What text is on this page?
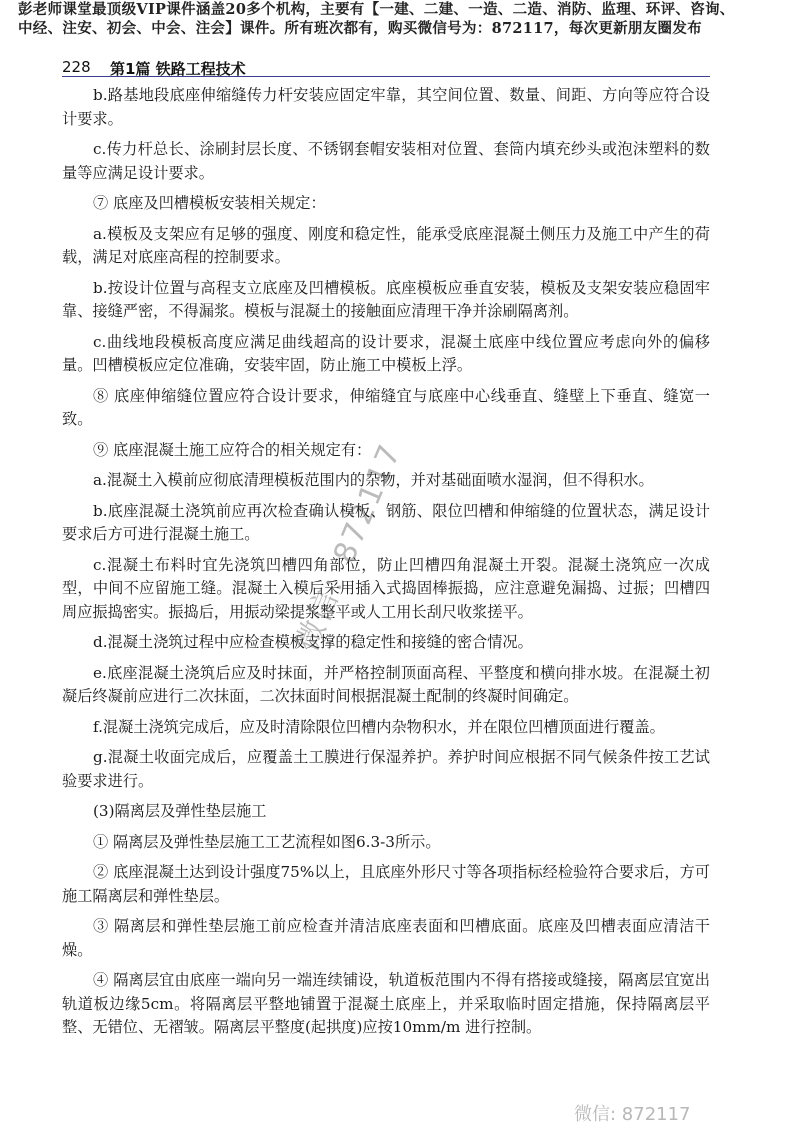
彭老师课堂最顶级VIP课件涵盖20多个机构，主要有【一建、二建、一造、二造、消防、监理、环评、咨询、
中经、注安、初会、中会、注会】课件。所有班次都有，购买微信号为：872117，每次更新朋友圈发布
228 第1篇 铁路工程技术

b.路基地段底座伸缩缝传力杆安装应固定牢靠，其空间位置、数量、间距、方向等应符合设计要求。

c.传力杆总长、涂刷封层长度、不锈钢套帽安装相对位置、套筒内填充纱头或泡沫塑料的数量等应满足设计要求。

⑦ 底座及凹槽模板安装相关规定：

a.模板及支架应有足够的强度、刚度和稳定性，能承受底座混凝土侧压力及施工中产生的荷载，满足对底座高程的控制要求。

b.按设计位置与高程支立底座及凹槽模板。底座模板应垂直安装，模板及支架安装应稳固牢靠、接缝严密，不得漏浆。模板与混凝土的接触面应清理干净并涂刷隔离剂。

c.曲线地段模板高度应满足曲线超高的设计要求，混凝土底座中线位置应考虑向外的偏移量。凹槽模板应定位准确，安装牢固，防止施工中模板上浮。

⑧ 底座伸缩缝位置应符合设计要求，伸缩缝宜与底座中心线垂直、缝壁上下垂直、缝宽一致。

⑨ 底座混凝土施工应符合的相关规定有：

a.混凝土入模前应彻底清理模板范围内的杂物，并对基础面喷水湿润，但不得积水。

b.底座混凝土浇筑前应再次检查确认模板、钢筋、限位凹槽和伸缩缝的位置状态，满足设计要求后方可进行混凝土施工。

c.混凝土布料时宜先浇筑凹槽四角部位，防止凹槽四角混凝土开裂。混凝土浇筑应一次成型，中间不应留施工缝。混凝土入模后采用插入式捣固棒振捣，应注意避免漏捣、过振；凹槽四周应振捣密实。振捣后，用振动梁提浆整平或人工用长刮尺收浆搓平。

d.混凝土浇筑过程中应检查模板支撑的稳定性和接缝的密合情况。

e.底座混凝土浇筑后应及时抹面，并严格控制顶面高程、平整度和横向排水坡。在混凝土初凝后终凝前应进行二次抹面，二次抹面时间根据混凝土配制的终凝时间确定。

f.混凝土浇筑完成后，应及时清除限位凹槽内杂物积水，并在限位凹槽顶面进行覆盖。

g.混凝土收面完成后，应覆盖土工膜进行保湿养护。养护时间应根据不同气候条件按工艺试验要求进行。

(3)隔离层及弹性垫层施工

① 隔离层及弹性垫层施工工艺流程如图6.3-3所示。

② 底座混凝土达到设计强度75%以上，且底座外形尺寸等各项指标经检验符合要求后，方可施工隔离层和弹性垫层。

③ 隔离层和弹性垫层施工前应检查并清洁底座表面和凹槽底面。底座及凹槽表面应清洁干燥。

④ 隔离层宜由底座一端向另一端连续铺设，轨道板范围内不得有搭接或缝接，隔离层宜宽出轨道板边缘5cm。将隔离层平整地铺置于混凝土底座上，并采取临时固定措施，保持隔离层平整、无错位、无褶皱。隔离层平整度(起拱度)应按10mm/m 进行控制。

微信：872117
微信: 872117
